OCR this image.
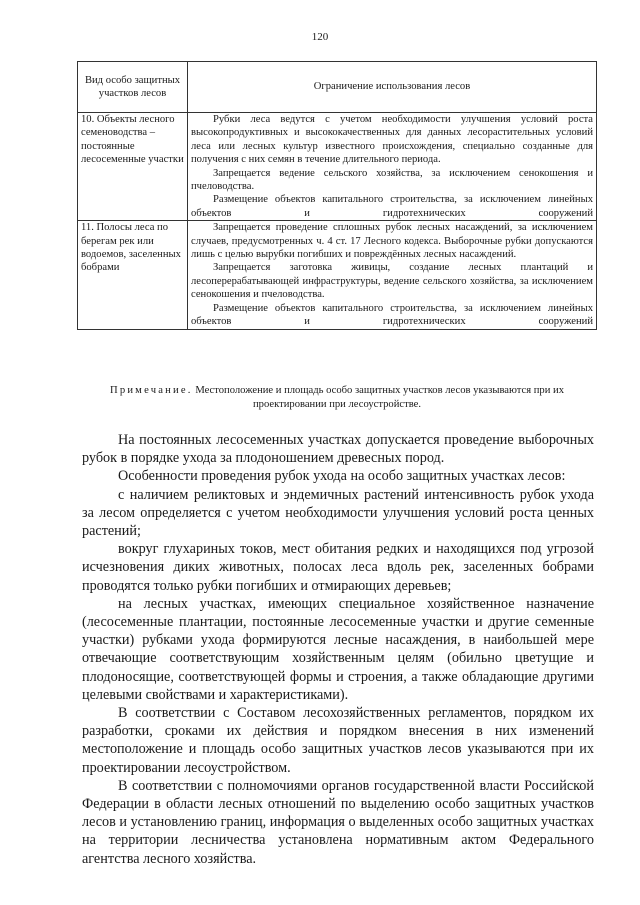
120
Вид особо защитных участков лесов	Ограничение использования лесов
10. Объекты лесного семеноводства – постоянные лесосеменные участки	Рубки леса ведутся с учетом необходимости улучшения условий роста высокопродуктивных и высококачественных для данных лесорастительных условий леса или лесных культур известного происхождения, специально созданные для получения с них семян в течение длительного периода.

Запрещается ведение сельского хозяйства, за исключением сенокошения и пчеловодства.

Размещение объектов капитального строительства, за исключением линейных объектов и гидротехнических сооружений

11. Полосы леса по берегам рек или водоемов, заселенных бобрами	Запрещается проведение сплошных рубок лесных насаждений, за исключением случаев, предусмотренных ч. 4 ст. 17 Лесного кодекса. Выборочные рубки допускаются лишь с целью вырубки погибших и повреждённых лесных насаждений.

Запрещается заготовка живицы, создание лесных плантаций и лесоперерабатывающей инфраструктуры, ведение сельского хозяйства, за исключением сенокошения и пчеловодства.

Размещение объектов капитального строительства, за исключением линейных объектов и гидротехнических сооружений

Примечание. Местоположение и площадь особо защитных участков лесов указываются при их проектировании при лесоустройстве.

На постоянных лесосеменных участках допускается проведение выборочных рубок в порядке ухода за плодоношением древесных пород.

Особенности проведения рубок ухода на особо защитных участках лесов:

с наличием реликтовых и эндемичных растений интенсивность рубок ухода за лесом определяется с учетом необходимости улучшения условий роста ценных растений;

вокруг глухариных токов, мест обитания редких и находящихся под угрозой исчезновения диких животных, полосах леса вдоль рек, заселенных бобрами проводятся только рубки погибших и отмирающих деревьев;

на лесных участках, имеющих специальное хозяйственное назначение (лесосеменные плантации, постоянные лесосеменные участки и другие семенные участки) рубками ухода формируются лесные насаждения, в наибольшей мере отвечающие соответствующим хозяйственным целям (обильно цветущие и плодоносящие, соответствующей формы и строения, а также обладающие другими целевыми свойствами и характеристиками).

В соответствии с Составом лесохозяйственных регламентов, порядком их разработки, сроками их действия и порядком внесения в них изменений местоположение и площадь особо защитных участков лесов указываются при их проектировании лесоустройством.

В соответствии с полномочиями органов государственной власти Российской Федерации в области лесных отношений по выделению особо защитных участков лесов и установлению границ, информация о выделенных особо защитных участках на территории лесничества установлена нормативным актом Федерального агентства лесного хозяйства.
